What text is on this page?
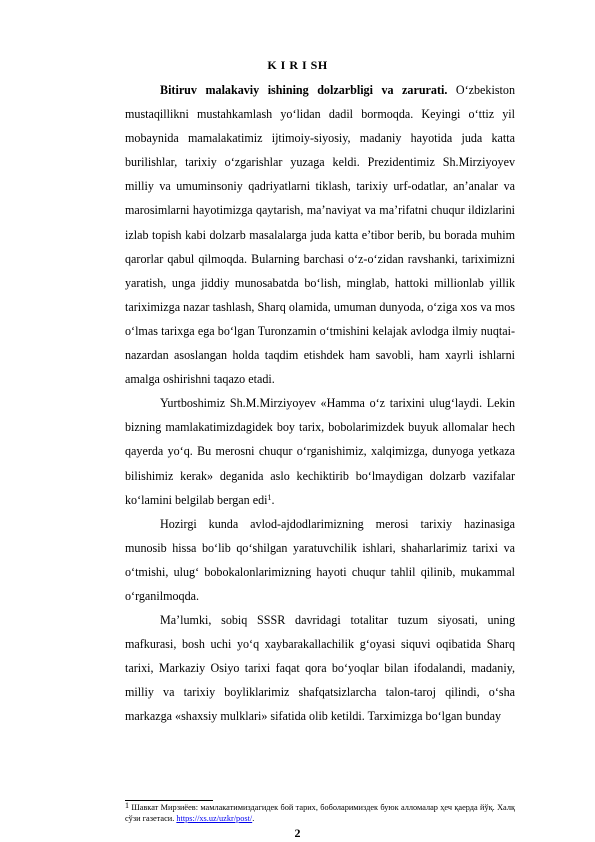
K I R I SH

Bitiruv malakaviy ishining dolzarbligi va zarurati. O‘zbekiston mustaqillikni mustahkamlash yo‘lidan dadil bormoqda. Keyingi o‘ttiz yil mobaynida mamalakatimiz ijtimoiy-siyosiy, madaniy hayotida juda katta burilishlar, tarixiy o‘zgarishlar yuzaga keldi. Prezidentimiz Sh.Mirziyoyev milliy va umuminsoniy qadriyatlarni tiklash, tarixiy urf-odatlar, an’analar va marosimlarni hayotimizga qaytarish, ma’naviyat va ma’rifatni chuqur ildizlarini izlab topish kabi dolzarb masalalarga juda katta e’tibor berib, bu borada muhim qarorlar qabul qilmoqda. Bularning barchasi o‘z-o‘zidan ravshanki, tariximizni yaratish, unga jiddiy munosabatda bo‘lish, minglab, hattoki millionlab yillik tariximizga nazar tashlash, Sharq olamida, umuman dunyoda, o‘ziga xos va mos o‘lmas tarixga ega bo‘lgan Turonzamin o‘tmishini kelajak avlodga ilmiy nuqtai-nazardan asoslangan holda taqdim etishdek ham savobli, ham xayrli ishlarni amalga oshirishni taqazo etadi.

Yurtboshimiz Sh.M.Mirziyoyev «Hamma o‘z tarixini ulug‘laydi. Lekin bizning mamlakatimizdagidek boy tarix, bobolarimizdek buyuk allomalar hech qayerda yo‘q. Bu merosni chuqur o‘rganishimiz, xalqimizga, dunyoga yetkaza bilishimiz kerak» deganida aslo kechiktirib bo‘lmaydigan dolzarb vazifalar ko‘lamini belgilab bergan edi$^1$.

Hozirgi kunda avlod-ajdodlarimizning merosi tarixiy hazinasiga munosib hissa bo‘lib qo‘shilgan yaratuvchilik ishlari, shaharlarimiz tarixi va o‘tmishi, ulug‘ bobokalonlarimizning hayoti chuqur tahlil qilinib, mukammal o‘rganilmoqda.

Ma’lumki, sobiq SSSR davridagi totalitar tuzum siyosati, uning mafkurasi, bosh uchi yo‘q xaybarakallachilik g‘oyasi siquvi oqibatida Sharq tarixi, Markaziy Osiyo tarixi faqat qora bo‘yoqlar bilan ifodalandi, madaniy, milliy va tarixiy boyliklarimiz shafqatsizlarcha talon-taroj qilindi, o‘sha markazga «shaxsiy mulklari» sifatida olib ketildi. Tarximizga bo‘lgan bunday

$^1$ Шавкат Мирзиёев: мамлакатимиздагидек бой тарих, боболаримиздек буюк алломалар ҳеч қаерда йўқ. Халқ сўзи газетаси. https://xs.uz/uzkr/post/.
2
